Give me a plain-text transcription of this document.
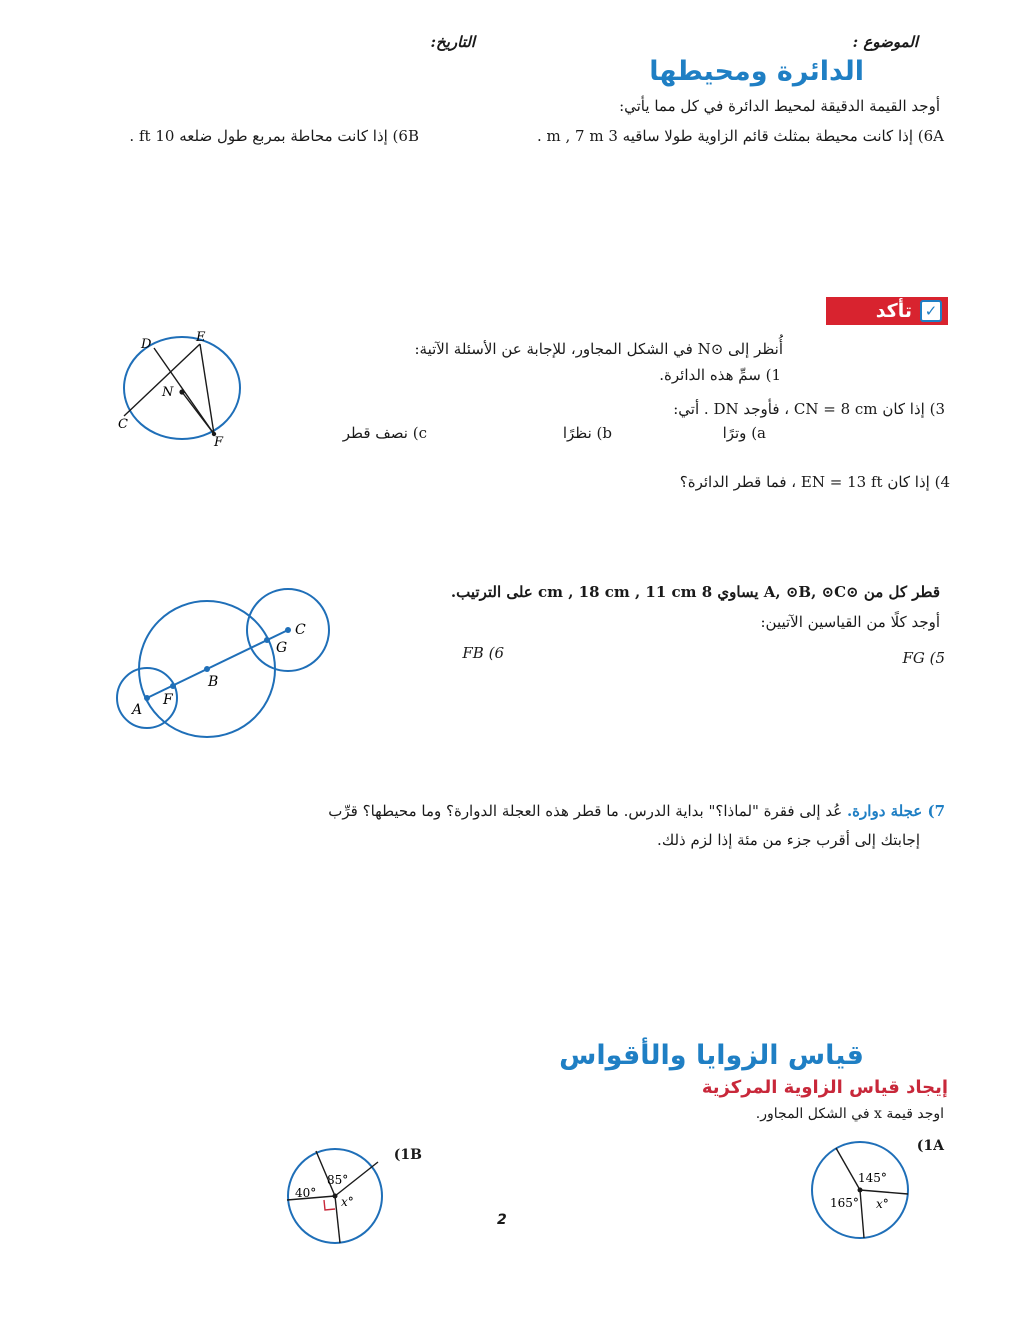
الموضوع :
التاريخ:
الدائرة ومحيطها
أوجد القيمة الدقيقة لمحيط الدائرة في كل مما يأتي:
6A) إذا كانت محيطة بمثلث قائم الزاوية طولا ساقيه 3 m , 7 m .
6B) إذا كانت محاطة بمربع طول ضلعه 10 ft .
✓
تأكد
أُنظر إلى ⊙N في الشكل المجاور، للإجابة عن الأسئلة الآتية:
1) سمِّ هذه الدائرة.
3) إذا كان CN = 8 cm ، فأوجد DN . أتي:
a) وترًا
b) نظرًا
c) نصف قطر
4) إذا كان EN = 13 ft ، فما قطر الدائرة؟
D	E
N
C
F
قطر كل من ⊙A, ⊙B, ⊙C يساوي 8 cm , 18 cm , 11 cm على الترتيب.
أوجد كلًا من القياسين الآتيين:
5) FG
6) FB
C
G
B
A
F
7) عجلة دوارة. عُد إلى فقرة "لماذا؟" بداية الدرس. ما قطر هذه العجلة الدوارة؟ وما محيطها؟ قرِّب
إجابتك إلى أقرب جزء من مئة إذا لزم ذلك.
قياس الزوايا والأقواس
إيجاد قياس الزاوية المركزية
اوجد قيمة x في الشكل المجاور.
1A)
1B)
85°
40°
x°
145°
165° x°
2
